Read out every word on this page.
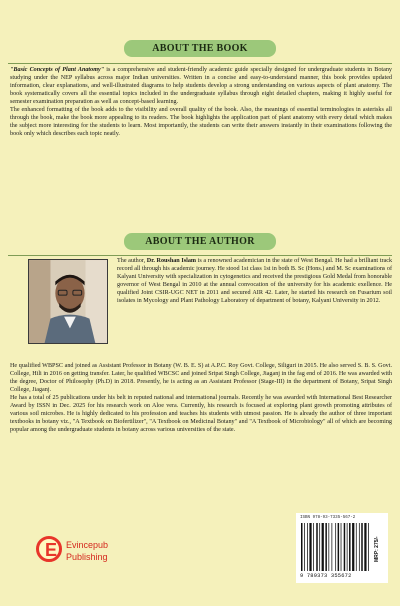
ABOUT THE BOOK

"Basic Concepts of Plant Anatomy" is a comprehensive and student-friendly academic guide specially designed for undergraduate students in Botany studying under the NEP syllabus across major Indian universities. Written in a concise and easy-to-understand manner, this book provides updated information, clear explanations, and well-illustrated diagrams to help students develop a strong understanding on various aspects of plant anatomy. The book systematically covers all the essential topics included in the undergraduate syllabus through eight detailed chapters, making it highly useful for semester examination preparation as well as concept-based learning.

The enhanced formatting of the book adds to the visibility and overall quality of the book. Also, the meanings of essential terminologies in asterisks all through the book, make the book more appealing to its readers. The book highlights the application part of plant anatomy with every detail which makes the subject more interesting for the students to learn. Most importantly, the students can write their answers instantly in their examinations following the book only which describes each topic neatly.

ABOUT THE AUTHOR

The author, Dr. Roushan Islam is a renowned academician in the state of West Bengal. He had a brilliant track record all through his academic journey. He stood 1st class 1st in both B. Sc (Hons.) and M. Sc examinations of Kalyani University with specialization in cytogenetics and received the prestigious Gold Medal from honorable governor of West Bengal in 2010 at the annual convocation of the university for his academic exellence. He qualified Joint CSIR-UGC NET in 2011 and secured AIR 42. Later, he started his research on Fusarium soil isolates in Mycology and Plant Pathology Laboratory of department of botany, Kalyani University in 2012.

He qualified WBPSC and joined as Assistant Professor in Botany (W. B. E. S) at A.P.C. Roy Govt. College, Siliguri in 2015. He also served S. B. S. Govt. College, Hili in 2016 on getting transfer. Later, he qualified WBCSC and joined Sripat Singh College, Jiaganj in the fag end of 2016. He was awarded with the degree, Doctor of Philosophy (Ph.D) in 2018. Presently, he is acting as an Assistant Professor (Stage-III) in the department of Botany, Sripat Singh College, Jiaganj.

He has a total of 25 publications under his belt in reputed national and international journals. Recently he was awarded with International Best Researcher Award by ISSN in Dec. 2025 for his research work on Aloe vera. Currently, his research is focused at exploring plant growth promoting attributes of various soil microbes. He is highly dedicated to his profession and teaches his students with utmost passion. He is already the author of three important textbooks in botany viz., "A Textbook on Biofertilizer", "A Textbook on Medicinal Botany" and "A Textbook of Microbiology" all of which are becoming popular among the undergraduate students in botany across various universities of the state.

E Evincepub
Publishing
ISBN 978-93-7335-567-2
9 789373 355672
MRP: 275/-
